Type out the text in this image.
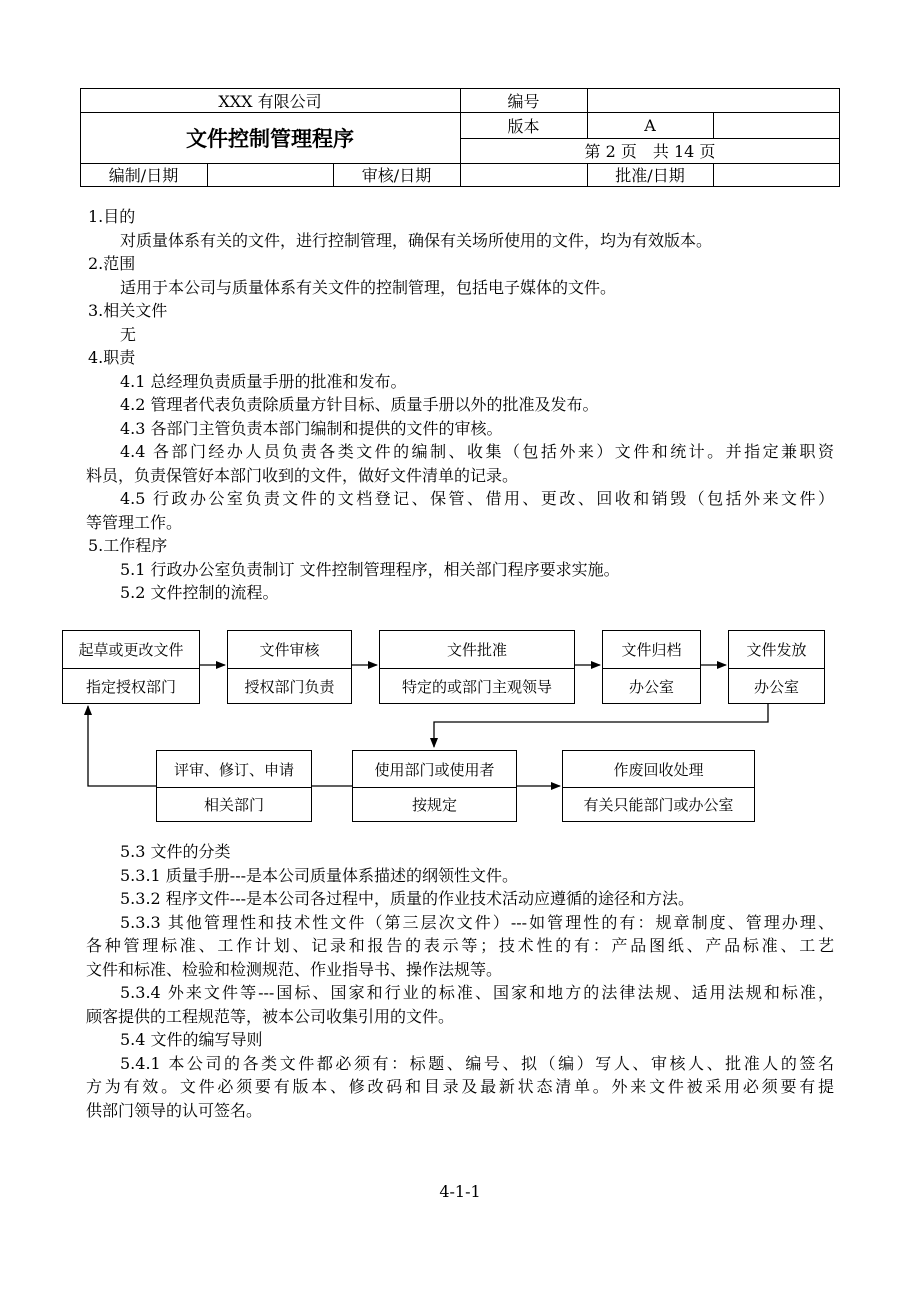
XXX 有限公司
文件控制管理程序
编号
版本	A
第 2 页　共 14 页
编制/日期	审核/日期	批准/日期

1.目的

对质量体系有关的文件，进行控制管理，确保有关场所使用的文件，均为有效版本。

2.范围

适用于本公司与质量体系有关文件的控制管理，包括电子媒体的文件。

3.相关文件

无

4.职责

4.1 总经理负责质量手册的批准和发布。

4.2 管理者代表负责除质量方针目标、质量手册以外的批准及发布。

4.3 各部门主管负责本部门编制和提供的文件的审核。

4.4 各部门经办人员负责各类文件的编制、收集（包括外来）文件和统计。并指定兼职资

料员，负责保管好本部门收到的文件，做好文件清单的记录。

4.5 行政办公室负责文件的文档登记、保管、借用、更改、回收和销毁（包括外来文件）

等管理工作。

5.工作程序

5.1 行政办公室负责制订 文件控制管理程序，相关部门程序要求实施。

5.2 文件控制的流程。

起草或更改文件
指定授权部门
文件审核
授权部门负责
文件批准
特定的或部门主观领导
文件归档
办公室
文件发放
办公室
评审、修订、申请
相关部门
使用部门或使用者
按规定
作废回收处理
有关只能部门或办公室

5.3 文件的分类

5.3.1 质量手册---是本公司质量体系描述的纲领性文件。

5.3.2 程序文件---是本公司各过程中，质量的作业技术活动应遵循的途径和方法。

5.3.3 其他管理性和技术性文件（第三层次文件）---如管理性的有：规章制度、管理办理、

各种管理标准、工作计划、记录和报告的表示等；技术性的有：产品图纸、产品标准、工艺

文件和标准、检验和检测规范、作业指导书、操作法规等。

5.3.4 外来文件等---国标、国家和行业的标准、国家和地方的法律法规、适用法规和标准，

顾客提供的工程规范等，被本公司收集引用的文件。

5.4 文件的编写导则

5.4.1 本公司的各类文件都必须有：标题、编号、拟（编）写人、审核人、批准人的签名

方为有效。文件必须要有版本、修改码和目录及最新状态清单。外来文件被采用必须要有提

供部门领导的认可签名。

4-1-1
